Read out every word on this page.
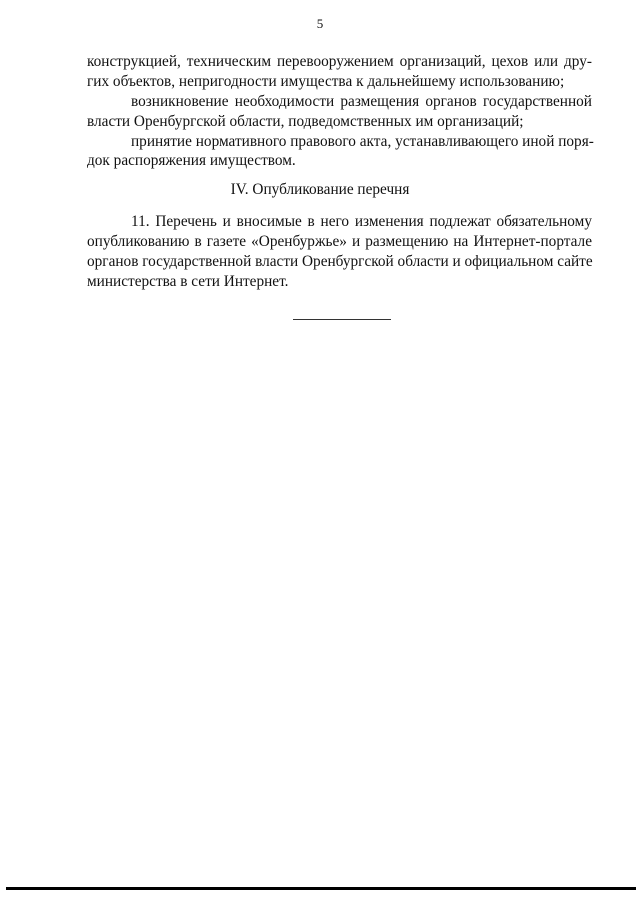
5
конструкцией, техническим перевооружением организаций, цехов или дру-
гих объектов, непригодности имущества к дальнейшему использованию;
возникновение необходимости размещения органов государственной
власти Оренбургской области, подведомственных им организаций;
принятие нормативного правового акта, устанавливающего иной поря-
док распоряжения имуществом.
IV. Опубликование перечня
11. Перечень и вносимые в него изменения подлежат обязательному
опубликованию в газете «Оренбуржье» и размещению на Интернет-портале
органов государственной власти Оренбургской области и официальном сайте
министерства в сети Интернет.
